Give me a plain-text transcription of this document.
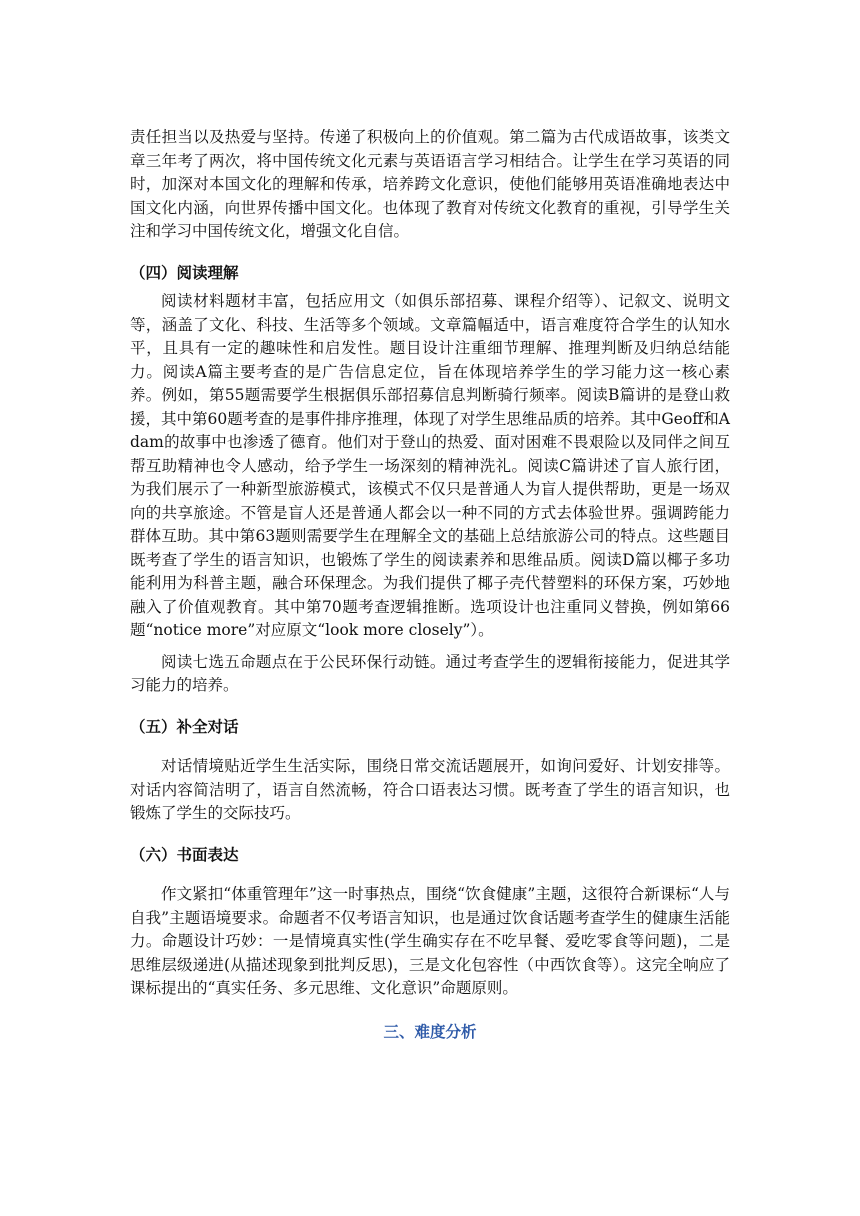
责任担当以及热爱与坚持。传递了积极向上的价值观。第二篇为古代成语故事，该类文章三年考了两次，将中国传统文化元素与英语语言学习相结合。让学生在学习英语的同时，加深对本国文化的理解和传承，培养跨文化意识，使他们能够用英语准确地表达中国文化内涵，向世界传播中国文化。也体现了教育对传统文化教育的重视，引导学生关注和学习中国传统文化，增强文化自信。

（四）阅读理解

阅读材料题材丰富，包括应用文（如俱乐部招募、课程介绍等）、记叙文、说明文等，涵盖了文化、科技、生活等多个领域。文章篇幅适中，语言难度符合学生的认知水平，且具有一定的趣味性和启发性。题目设计注重细节理解、推理判断及归纳总结能力。阅读A篇主要考查的是广告信息定位，旨在体现培养学生的学习能力这一核心素养。例如，第55题需要学生根据俱乐部招募信息判断骑行频率。阅读B篇讲的是登山救援，其中第60题考查的是事件排序推理，体现了对学生思维品质的培养。其中Geoff和Adam的故事中也渗透了德育。他们对于登山的热爱、面对困难不畏艰险以及同伴之间互帮互助精神也令人感动，给予学生一场深刻的精神洗礼。阅读C篇讲述了盲人旅行团，为我们展示了一种新型旅游模式，该模式不仅只是普通人为盲人提供帮助，更是一场双向的共享旅途。不管是盲人还是普通人都会以一种不同的方式去体验世界。强调跨能力群体互助。其中第63题则需要学生在理解全文的基础上总结旅游公司的特点。这些题目既考查了学生的语言知识，也锻炼了学生的阅读素养和思维品质。阅读D篇以椰子多功能利用为科普主题，融合环保理念。为我们提供了椰子壳代替塑料的环保方案，巧妙地融入了价值观教育。其中第70题考查逻辑推断。选项设计也注重同义替换，例如第66题“notice more”对应原文“look more closely”）。

阅读七选五命题点在于公民环保行动链。通过考查学生的逻辑衔接能力，促进其学习能力的培养。

（五）补全对话

对话情境贴近学生生活实际，围绕日常交流话题展开，如询问爱好、计划安排等。对话内容简洁明了，语言自然流畅，符合口语表达习惯。既考查了学生的语言知识，也锻炼了学生的交际技巧。

（六）书面表达

作文紧扣“体重管理年”这一时事热点，围绕“饮食健康”主题，这很符合新课标“人与自我”主题语境要求。命题者不仅考语言知识，也是通过饮食话题考查学生的健康生活能力。命题设计巧妙：一是情境真实性(学生确实存在不吃早餐、爱吃零食等问题)，二是思维层级递进(从描述现象到批判反思)，三是文化包容性（中西饮食等）。这完全响应了课标提出的“真实任务、多元思维、文化意识”命题原则。

三、难度分析
